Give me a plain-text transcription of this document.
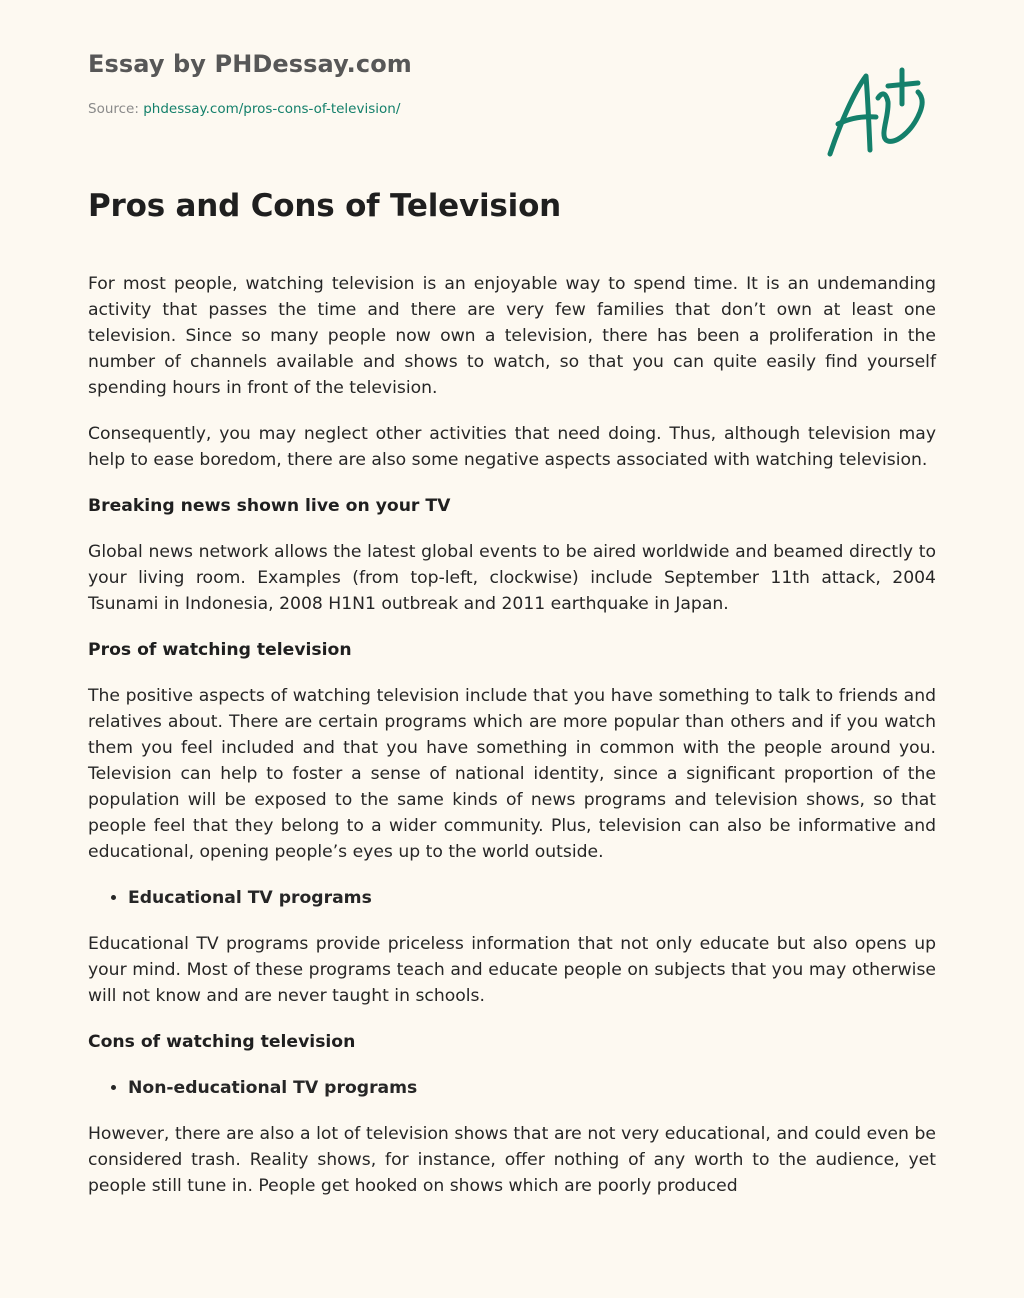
Essay by PHDessay.com

Source: phdessay.com/pros-cons-of-television/

Pros and Cons of Television

For most people, watching television is an enjoyable way to spend time. It is an undemanding activity that passes the time and there are very few families that don’t own at least one television. Since so many people now own a television, there has been a proliferation in the number of channels available and shows to watch, so that you can quite easily find yourself spending hours in front of the television.

Consequently, you may neglect other activities that need doing. Thus, although television may help to ease boredom, there are also some negative aspects associated with watching television.

Breaking news shown live on your TV

Global news network allows the latest global events to be aired worldwide and beamed directly to your living room. Examples (from top-left, clockwise) include September 11th attack, 2004 Tsunami in Indonesia, 2008 H1N1 outbreak and 2011 earthquake in Japan.

Pros of watching television

The positive aspects of watching television include that you have something to talk to friends and relatives about. There are certain programs which are more popular than others and if you watch them you feel included and that you have something in common with the people around you. Television can help to foster a sense of national identity, since a significant proportion of the population will be exposed to the same kinds of news programs and television shows, so that people feel that they belong to a wider community. Plus, television can also be informative and educational, opening people’s eyes up to the world outside.

• Educational TV programs

Educational TV programs provide priceless information that not only educate but also opens up your mind. Most of these programs teach and educate people on subjects that you may otherwise will not know and are never taught in schools.

Cons of watching television
• Non-educational TV programs

However, there are also a lot of television shows that are not very educational, and could even be considered trash. Reality shows, for instance, offer nothing of any worth to the audience, yet people still tune in. People get hooked on shows which are poorly produced
